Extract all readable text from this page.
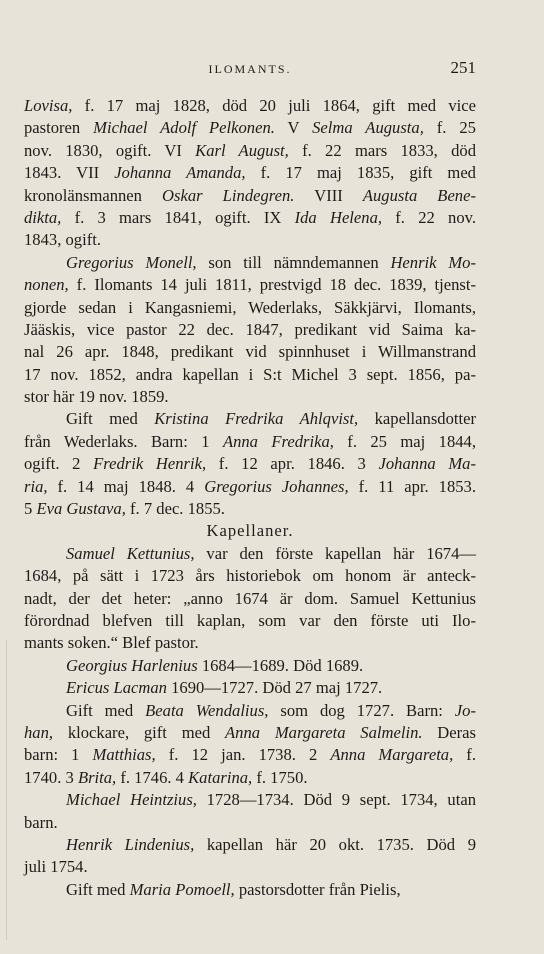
ILOMANTS.	251
Lovisa, f. 17 maj 1828, död 20 juli 1864, gift med vice
pastoren Michael Adolf Pelkonen. V Selma Augusta, f. 25
nov. 1830, ogift. VI Karl August, f. 22 mars 1833, död
1843. VII Johanna Amanda, f. 17 maj 1835, gift med
kronolänsmannen Oskar Lindegren. VIII Augusta Bene-
dikta, f. 3 mars 1841, ogift. IX Ida Helena, f. 22 nov.
1843, ogift.
Gregorius Monell, son till nämndemannen Henrik Mo-
nonen, f. Ilomants 14 juli 1811, prestvigd 18 dec. 1839, tjenst-
gjorde sedan i Kangasniemi, Wederlaks, Säkkjärvi, Ilomants,
Jääskis, vice pastor 22 dec. 1847, predikant vid Saima ka-
nal 26 apr. 1848, predikant vid spinnhuset i Willmanstrand
17 nov. 1852, andra kapellan i S:t Michel 3 sept. 1856, pa-
stor här 19 nov. 1859.
Gift med Kristina Fredrika Ahlqvist, kapellansdotter
från Wederlaks. Barn: 1 Anna Fredrika, f. 25 maj 1844,
ogift. 2 Fredrik Henrik, f. 12 apr. 1846. 3 Johanna Ma-
ria, f. 14 maj 1848. 4 Gregorius Johannes, f. 11 apr. 1853.
5 Eva Gustava, f. 7 dec. 1855.
Kapellaner.
Samuel Kettunius, var den förste kapellan här 1674—
1684, på sätt i 1723 års historiebok om honom är anteck-
nadt, der det heter: „anno 1674 är dom. Samuel Kettunius
förordnad blefven till kaplan, som var den förste uti Ilo-
mants soken.“ Blef pastor.
Georgius Harlenius 1684—1689. Död 1689.
Ericus Lacman 1690—1727. Död 27 maj 1727.
Gift med Beata Wendalius, som dog 1727. Barn: Jo-
han, klockare, gift med Anna Margareta Salmelin. Deras
barn: 1 Matthias, f. 12 jan. 1738. 2 Anna Margareta, f.
1740. 3 Brita, f. 1746. 4 Katarina, f. 1750.
Michael Heintzius, 1728—1734. Död 9 sept. 1734, utan
barn.
Henrik Lindenius, kapellan här 20 okt. 1735. Död 9
juli 1754.
Gift med Maria Pomoell, pastorsdotter från Pielis,
